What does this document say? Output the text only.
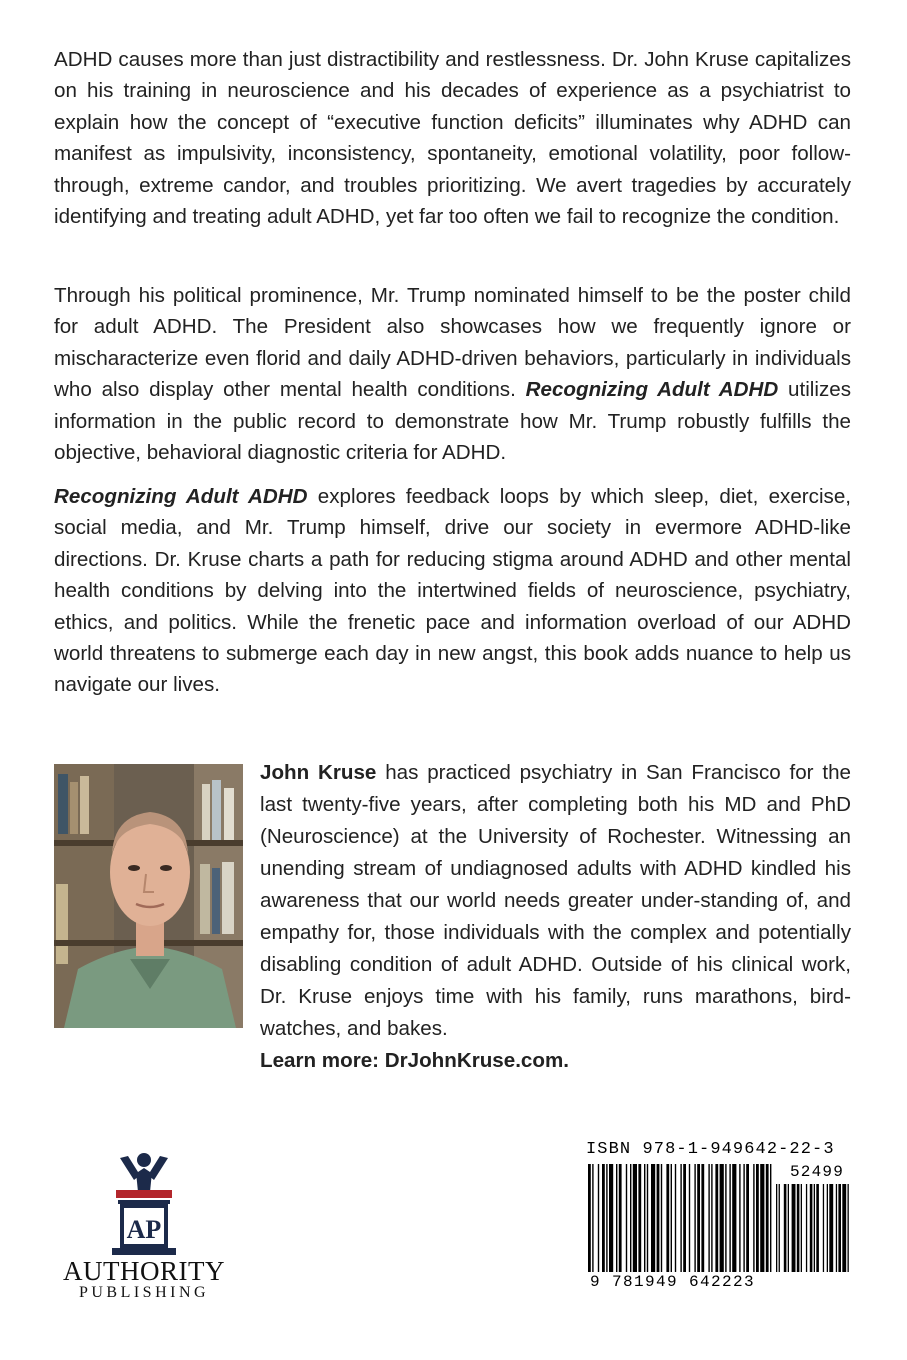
ADHD causes more than just distractibility and restlessness. Dr. John Kruse capitalizes on his training in neuroscience and his decades of experience as a psychiatrist to explain how the concept of “executive function deficits” illuminates why ADHD can manifest as impulsivity, inconsistency, spontaneity, emotional volatility, poor follow-through, extreme candor, and troubles prioritizing. We avert tragedies by accurately identifying and treating adult ADHD, yet far too often we fail to recognize the condition.

Through his political prominence, Mr. Trump nominated himself to be the poster child for adult ADHD. The President also showcases how we frequently ignore or mischaracterize even florid and daily ADHD-driven behaviors, particularly in individuals who also display other mental health conditions. Recognizing Adult ADHD utilizes information in the public record to demonstrate how Mr. Trump robustly fulfills the objective, behavioral diagnostic criteria for ADHD.

Recognizing Adult ADHD explores feedback loops by which sleep, diet, exercise, social media, and Mr. Trump himself, drive our society in evermore ADHD-like directions. Dr. Kruse charts a path for reducing stigma around ADHD and other mental health conditions by delving into the intertwined fields of neuroscience, psychiatry, ethics, and politics. While the frenetic pace and information overload of our ADHD world threatens to submerge each day in new angst, this book adds nuance to help us navigate our lives.

John Kruse has practiced psychiatry in San Francisco for the last twenty-five years, after completing both his MD and PhD (Neuroscience) at the University of Rochester. Witnessing an unending stream of undiagnosed adults with ADHD kindled his awareness that our world needs greater under-standing of, and empathy for, those individuals with the complex and potentially disabling condition of adult ADHD. Outside of his clinical work, Dr. Kruse enjoys time with his family, runs marathons, bird-watches, and bakes.
Learn more: DrJohnKruse.com.

AP
AUTHORITY
PUBLISHING
ISBN 978-1-949642-22-3
52499
9 781949 642223
